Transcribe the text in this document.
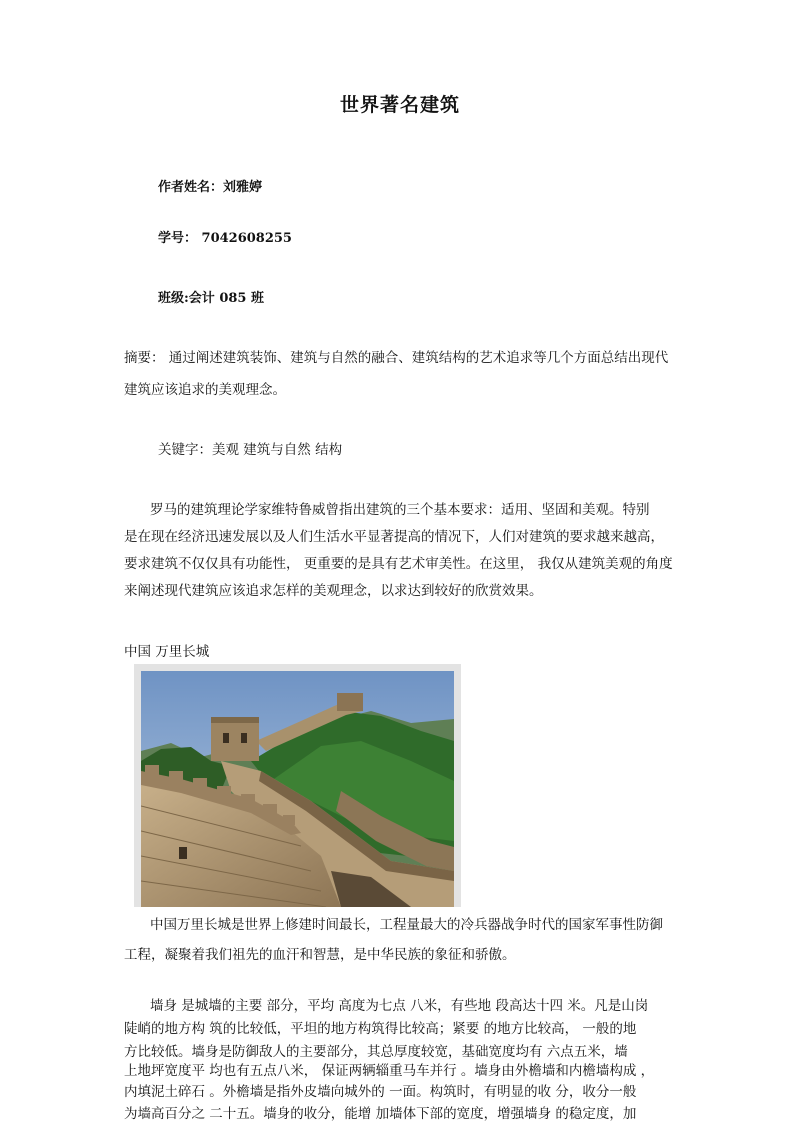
世界著名建筑
作者姓名：刘雅婷
学号： 7042608255
班级:会计 085 班
摘要： 通过阐述建筑装饰、建筑与自然的融合、建筑结构的艺术追求等几个方面总结出现代
建筑应该追求的美观理念。
关键字：美观 建筑与自然 结构
罗马的建筑理论学家维特鲁威曾指出建筑的三个基本要求：适用、坚固和美观。特别
是在现在经济迅速发展以及人们生活水平显著提高的情况下，人们对建筑的要求越来越高，
要求建筑不仅仅具有功能性， 更重要的是具有艺术审美性。在这里， 我仅从建筑美观的角度
来阐述现代建筑应该追求怎样的美观理念，以求达到较好的欣赏效果。
中国 万里长城
中国万里长城是世界上修建时间最长，工程量最大的冷兵器战争时代的国家军事性防御
工程，凝聚着我们祖先的血汗和智慧，是中华民族的象征和骄傲。
墙身 是城墙的主要 部分，平均 高度为七点 八米，有些地 段高达十四 米。凡是山岗
陡峭的地方构 筑的比较低，平坦的地方构筑得比较高；紧要 的地方比较高， 一般的地
方比较低。墙身是防御敌人的主要部分，其总厚度较宽，基础宽度均有 六点五米，墙
上地坪宽度平 均也有五点八米， 保证两辆辎重马车并行 。墙身由外檐墙和内檐墙构成 ，
内填泥土碎石 。外檐墙是指外皮墙向城外的 一面。构筑时，有明显的收 分，收分一般
为墙高百分之 二十五。墙身的收分，能增 加墙体下部的宽度，增强墙身 的稳定度，加
